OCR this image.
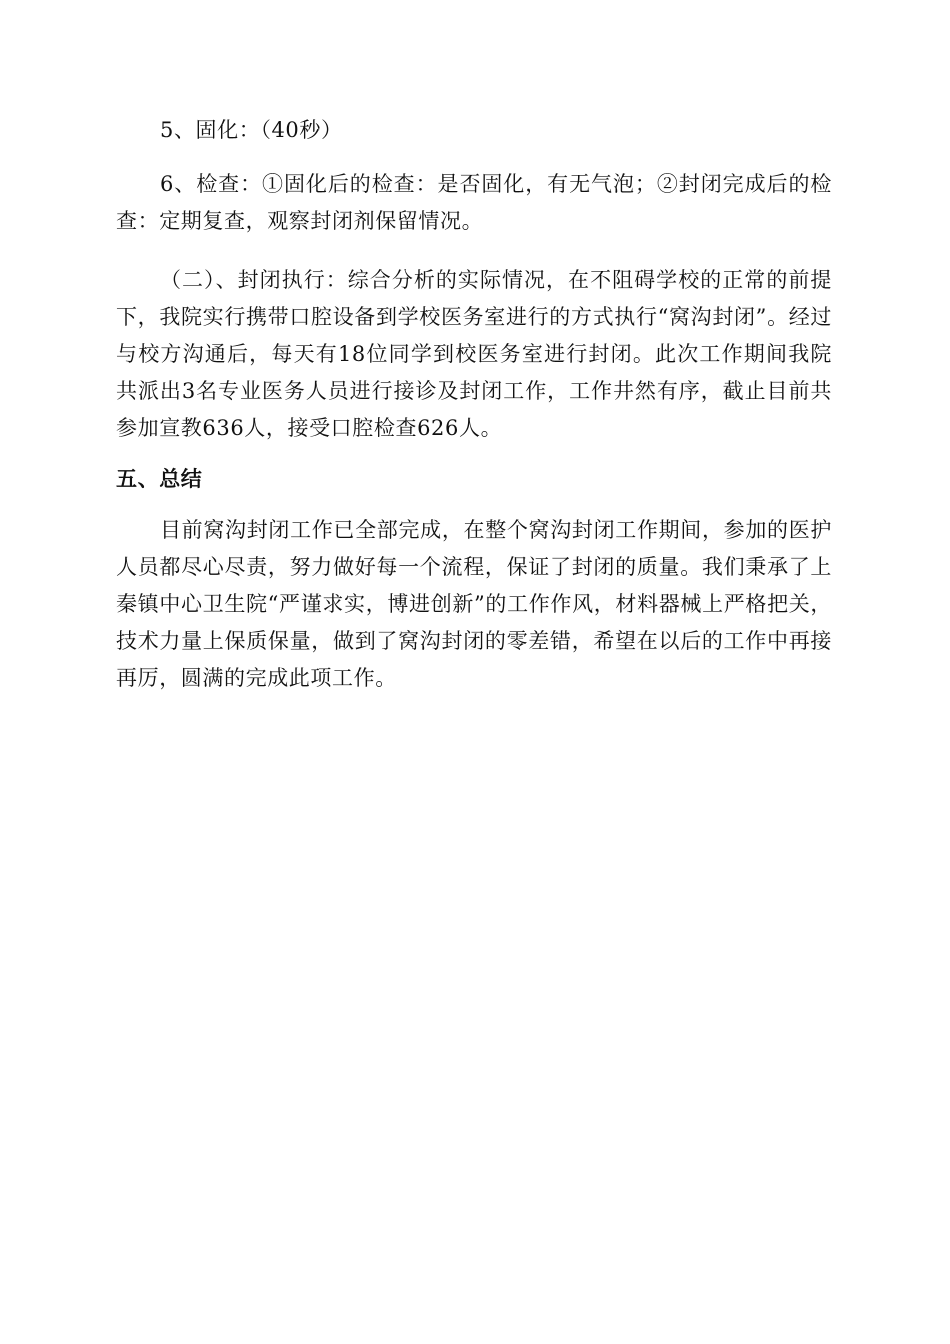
5、固化：（40秒）

6、检查：①固化后的检查：是否固化，有无气泡；②封闭完成后的检查：定期复查，观察封闭剂保留情况。

（二）、封闭执行：综合分析的实际情况，在不阻碍学校的正常的前提下，我院实行携带口腔设备到学校医务室进行的方式执行“窝沟封闭”。经过与校方沟通后，每天有18位同学到校医务室进行封闭。此次工作期间我院共派出3名专业医务人员进行接诊及封闭工作，工作井然有序，截止目前共参加宣教636人，接受口腔检查626人。

五、总结

目前窝沟封闭工作已全部完成，在整个窝沟封闭工作期间，参加的医护人员都尽心尽责，努力做好每一个流程，保证了封闭的质量。我们秉承了上秦镇中心卫生院“严谨求实，博进创新”的工作作风，材料器械上严格把关，技术力量上保质保量，做到了窝沟封闭的零差错，希望在以后的工作中再接再厉，圆满的完成此项工作。
